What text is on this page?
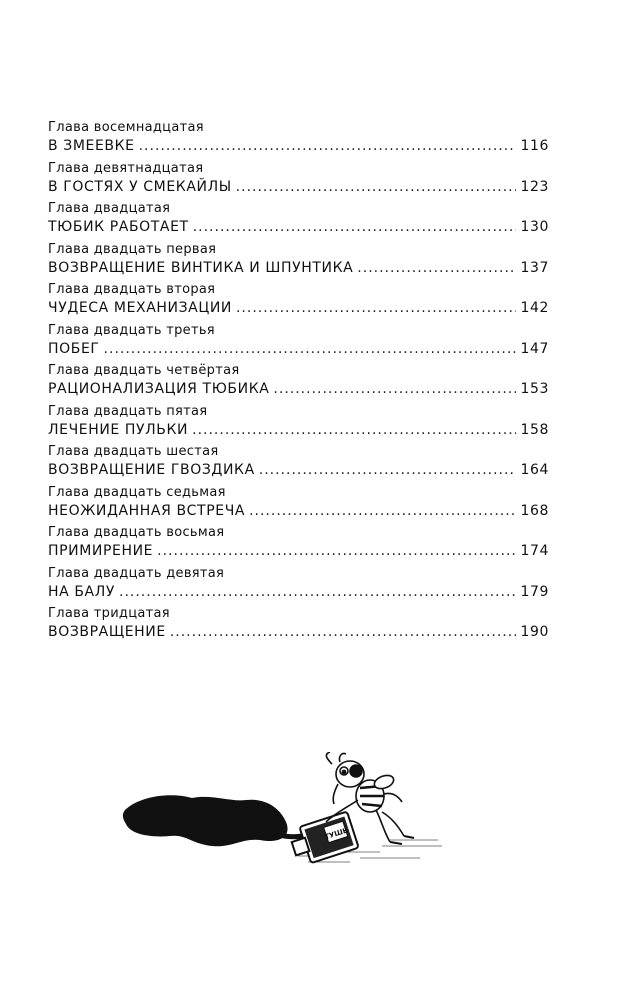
Глава восемнадцатая
В ЗМЕЕВКЕ .....	116
Глава девятнадцатая
В ГОСТЯХ У СМЕКАЙЛЫ .....	123
Глава двадцатая
ТЮБИК РАБОТАЕТ .....	130
Глава двадцать первая
ВОЗВРАЩЕНИЕ ВИНТИКА И ШПУНТИКА .....	137
Глава двадцать вторая
ЧУДЕСА МЕХАНИЗАЦИИ .....	142
Глава двадцать третья
ПОБЕГ .....	147
Глава двадцать четвёртая
РАЦИОНАЛИЗАЦИЯ ТЮБИКА .....	153
Глава двадцать пятая
ЛЕЧЕНИЕ ПУЛЬКИ .....	158
Глава двадцать шестая
ВОЗВРАЩЕНИЕ ГВОЗДИКА .....	164
Глава двадцать седьмая
НЕОЖИДАННАЯ ВСТРЕЧА .....	168
Глава двадцать восьмая
ПРИМИРЕНИЕ .....	174
Глава двадцать девятая
НА БАЛУ .....	179
Глава тридцатая
ВОЗВРАЩЕНИЕ .....	190
ТУШЬ
